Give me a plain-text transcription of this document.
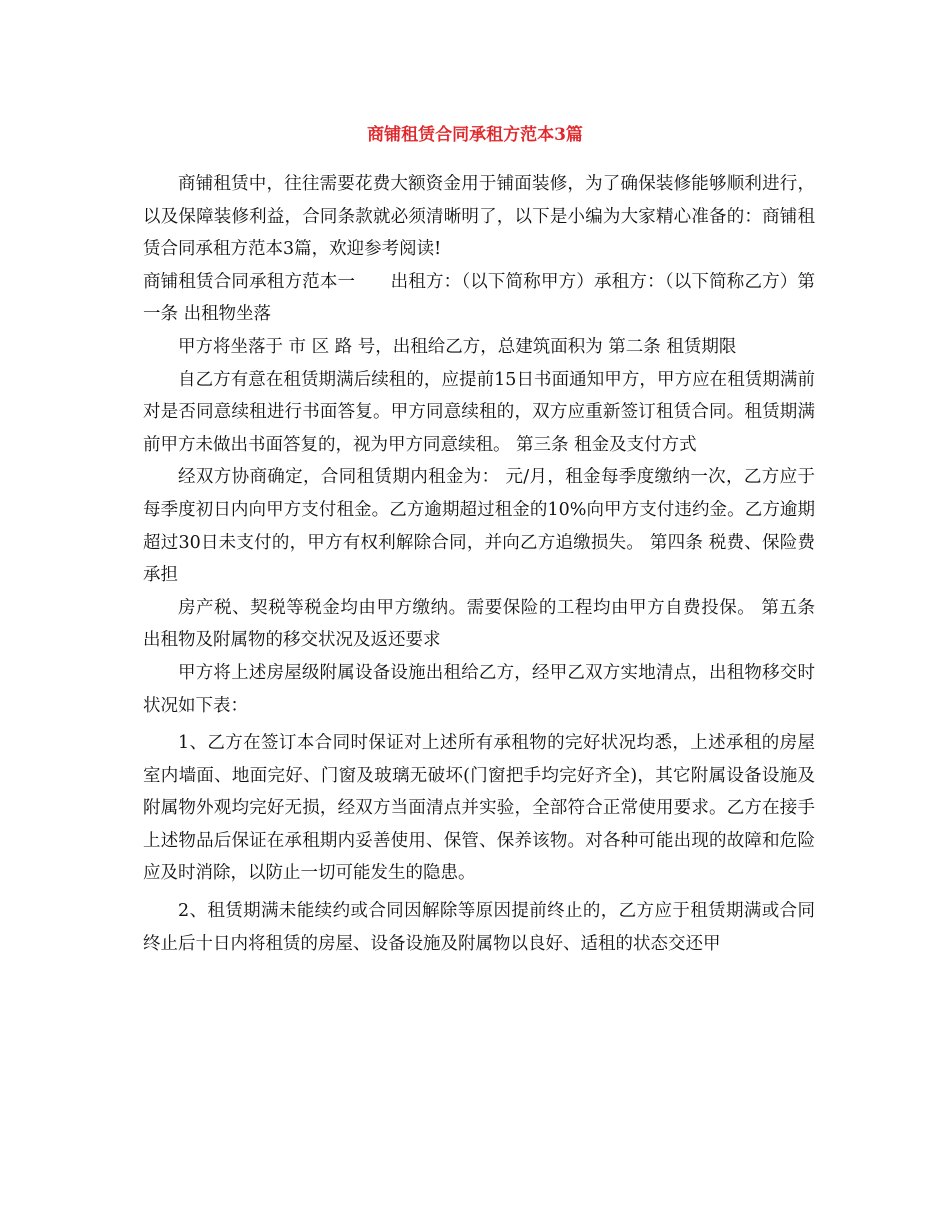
商铺租赁合同承租方范本3篇

商铺租赁中，往往需要花费大额资金用于铺面装修，为了确保装修能够顺利进行，以及保障装修利益，合同条款就必须清晰明了，以下是小编为大家精心准备的：商铺租赁合同承租方范本3篇，欢迎参考阅读!

商铺租赁合同承租方范本一　　出租方：（以下简称甲方）承租方：（以下简称乙方）第一条 出租物坐落

甲方将坐落于 市 区 路 号，出租给乙方，总建筑面积为 第二条 租赁期限

自乙方有意在租赁期满后续租的，应提前15日书面通知甲方，甲方应在租赁期满前对是否同意续租进行书面答复。甲方同意续租的，双方应重新签订租赁合同。租赁期满前甲方未做出书面答复的，视为甲方同意续租。 第三条 租金及支付方式

经双方协商确定，合同租赁期内租金为： 元/月，租金每季度缴纳一次，乙方应于每季度初日内向甲方支付租金。乙方逾期超过租金的10%向甲方支付违约金。乙方逾期超过30日未支付的，甲方有权利解除合同，并向乙方追缴损失。 第四条 税费、保险费承担

房产税、契税等税金均由甲方缴纳。需要保险的工程均由甲方自费投保。 第五条 出租物及附属物的移交状况及返还要求

甲方将上述房屋级附属设备设施出租给乙方，经甲乙双方实地清点，出租物移交时状况如下表：

1、乙方在签订本合同时保证对上述所有承租物的完好状况均悉，上述承租的房屋室内墙面、地面完好、门窗及玻璃无破坏(门窗把手均完好齐全)，其它附属设备设施及附属物外观均完好无损，经双方当面清点并实验，全部符合正常使用要求。乙方在接手上述物品后保证在承租期内妥善使用、保管、保养该物。对各种可能出现的故障和危险应及时消除，以防止一切可能发生的隐患。

2、租赁期满未能续约或合同因解除等原因提前终止的，乙方应于租赁期满或合同终止后十日内将租赁的房屋、设备设施及附属物以良好、适租的状态交还甲
